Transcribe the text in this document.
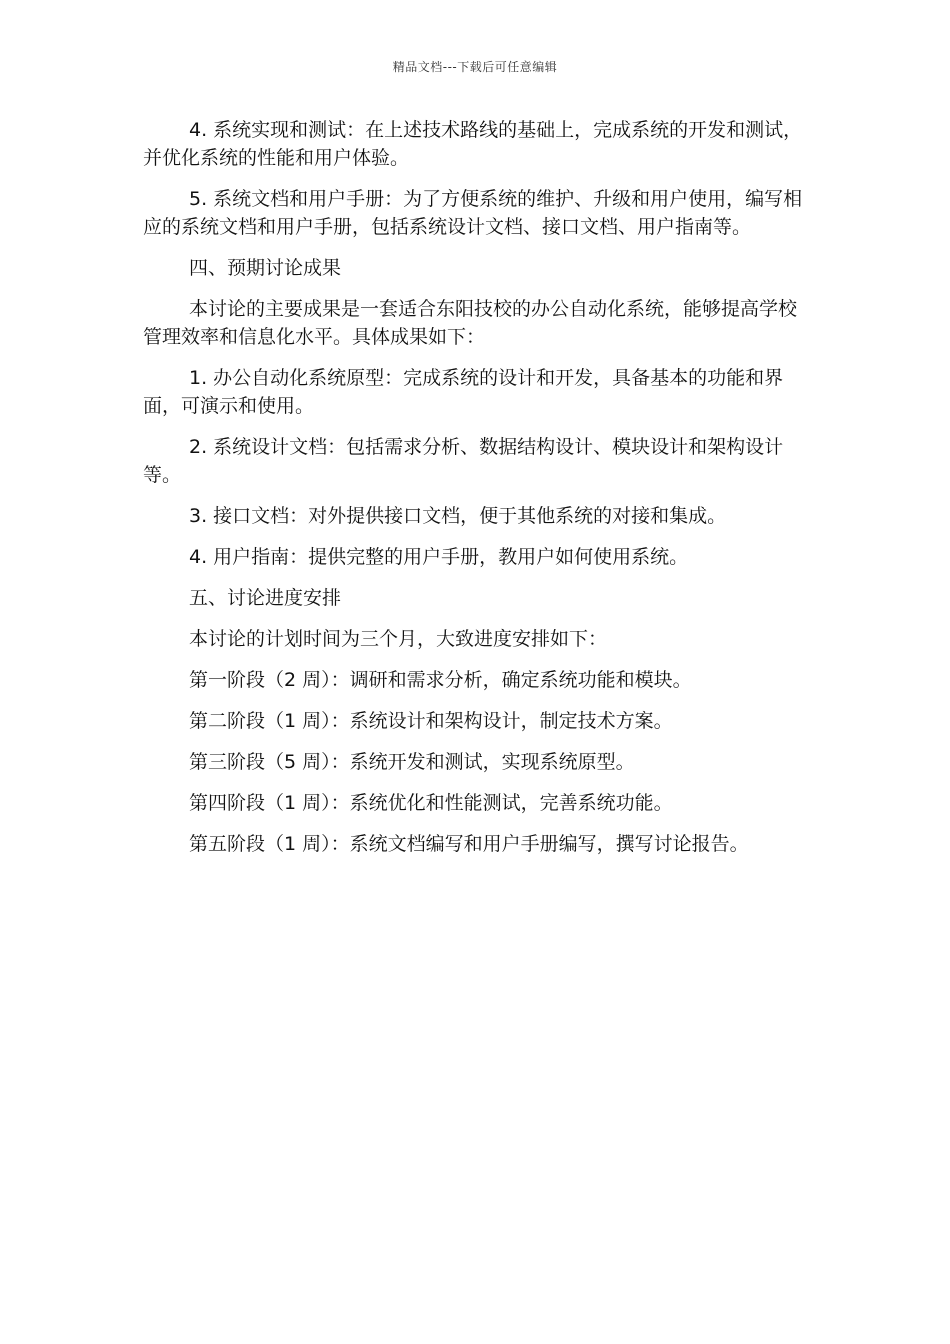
精品文档---下载后可任意编辑

4. 系统实现和测试：在上述技术路线的基础上，完成系统的开发和测试，并优化系统的性能和用户体验。

5. 系统文档和用户手册：为了方便系统的维护、升级和用户使用，编写相应的系统文档和用户手册，包括系统设计文档、接口文档、用户指南等。

四、预期讨论成果

本讨论的主要成果是一套适合东阳技校的办公自动化系统，能够提高学校管理效率和信息化水平。具体成果如下：

1. 办公自动化系统原型：完成系统的设计和开发，具备基本的功能和界面，可演示和使用。

2. 系统设计文档：包括需求分析、数据结构设计、模块设计和架构设计等。

3. 接口文档：对外提供接口文档，便于其他系统的对接和集成。

4. 用户指南：提供完整的用户手册，教用户如何使用系统。

五、讨论进度安排

本讨论的计划时间为三个月，大致进度安排如下：

第一阶段（2 周）：调研和需求分析，确定系统功能和模块。

第二阶段（1 周）：系统设计和架构设计，制定技术方案。

第三阶段（5 周）：系统开发和测试，实现系统原型。

第四阶段（1 周）：系统优化和性能测试，完善系统功能。

第五阶段（1 周）：系统文档编写和用户手册编写，撰写讨论报告。
